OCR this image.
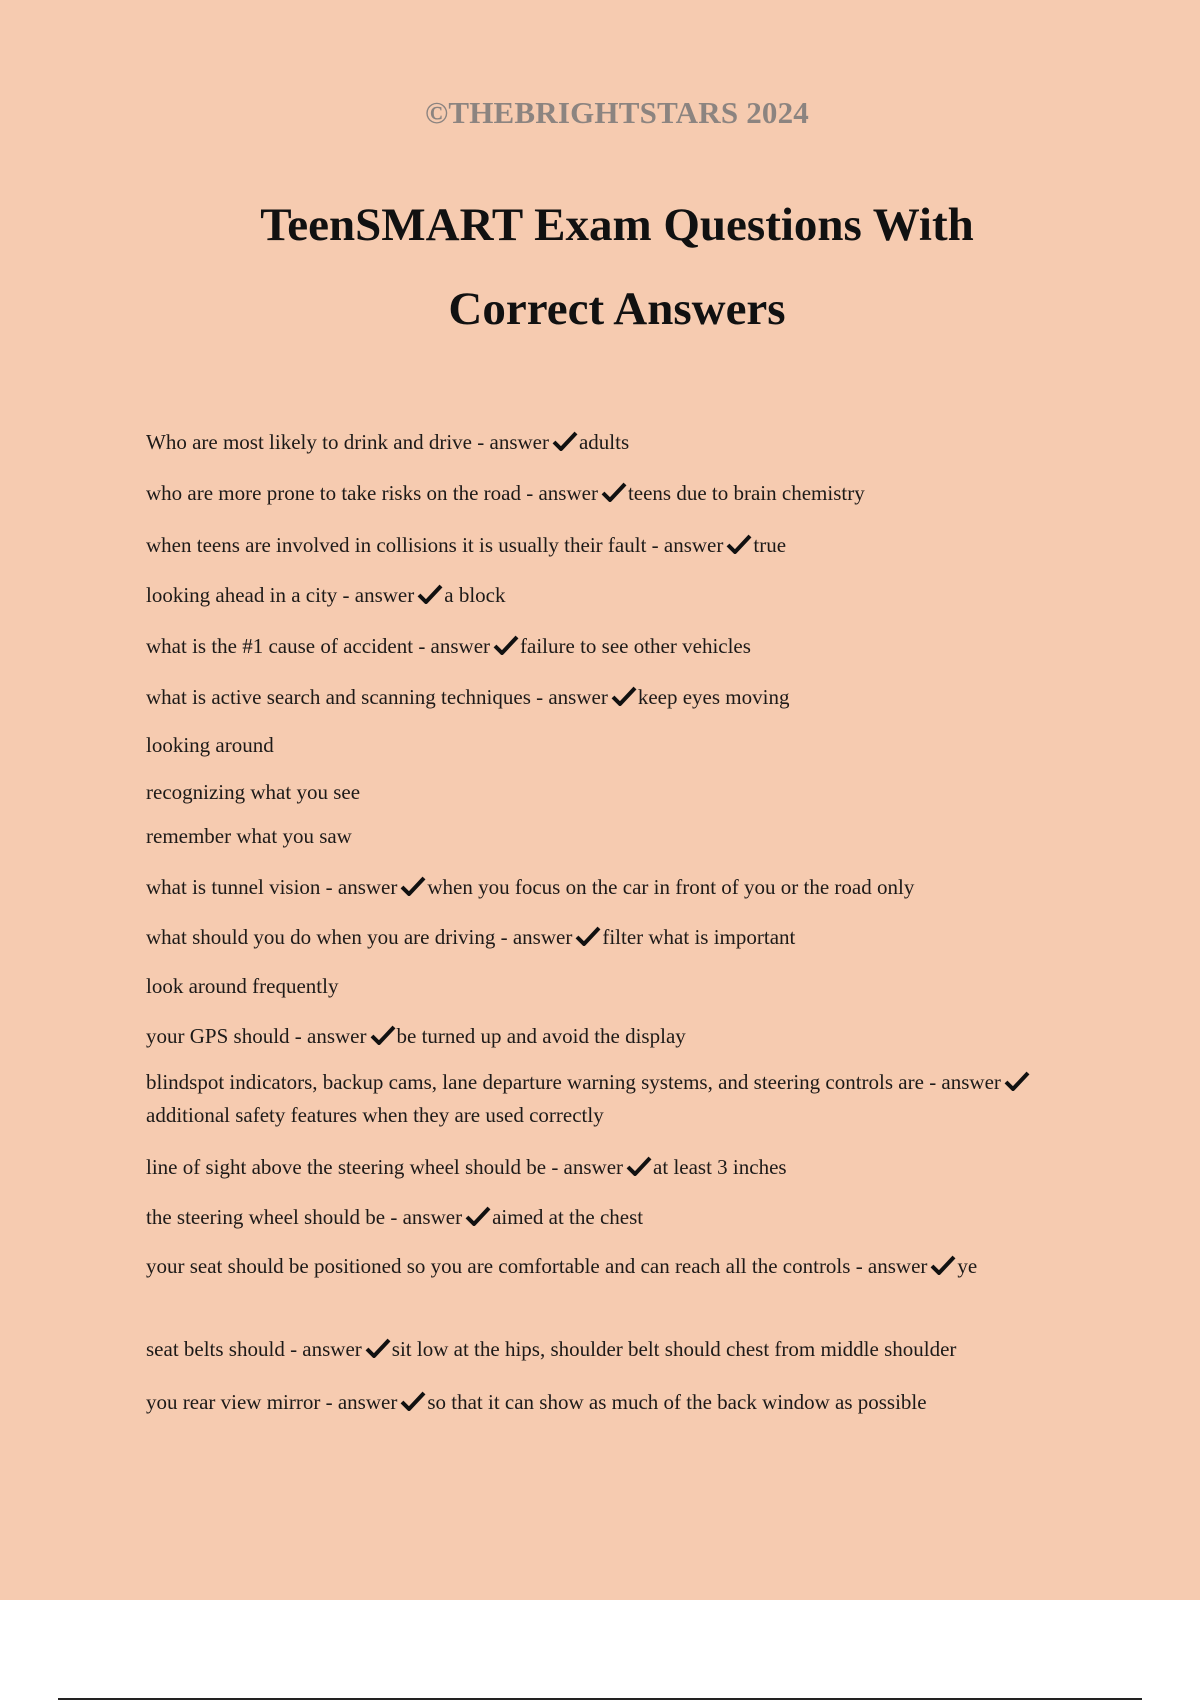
©THEBRIGHTSTARS 2024
TeenSMART Exam Questions With
Correct Answers
Who are most likely to drink and drive - answer adults
who are more prone to take risks on the road - answer teens due to brain chemistry
when teens are involved in collisions it is usually their fault - answer true
looking ahead in a city - answer a block
what is the #1 cause of accident - answer failure to see other vehicles
what is active search and scanning techniques - answer keep eyes moving
looking around
recognizing what you see
remember what you saw
what is tunnel vision - answer when you focus on the car in front of you or the road only
what should you do when you are driving - answer filter what is important
look around frequently
your GPS should - answer be turned up and avoid the display
blindspot indicators, backup cams, lane departure warning systems, and steering controls are - answeradditional safety features when they are used correctly
line of sight above the steering wheel should be - answer at least 3 inches
the steering wheel should be - answer aimed at the chest
your seat should be positioned so you are comfortable and can reach all the controls - answer ye
seat belts should - answer sit low at the hips, shoulder belt should chest from middle shoulder
you rear view mirror - answer so that it can show as much of the back window as possible
